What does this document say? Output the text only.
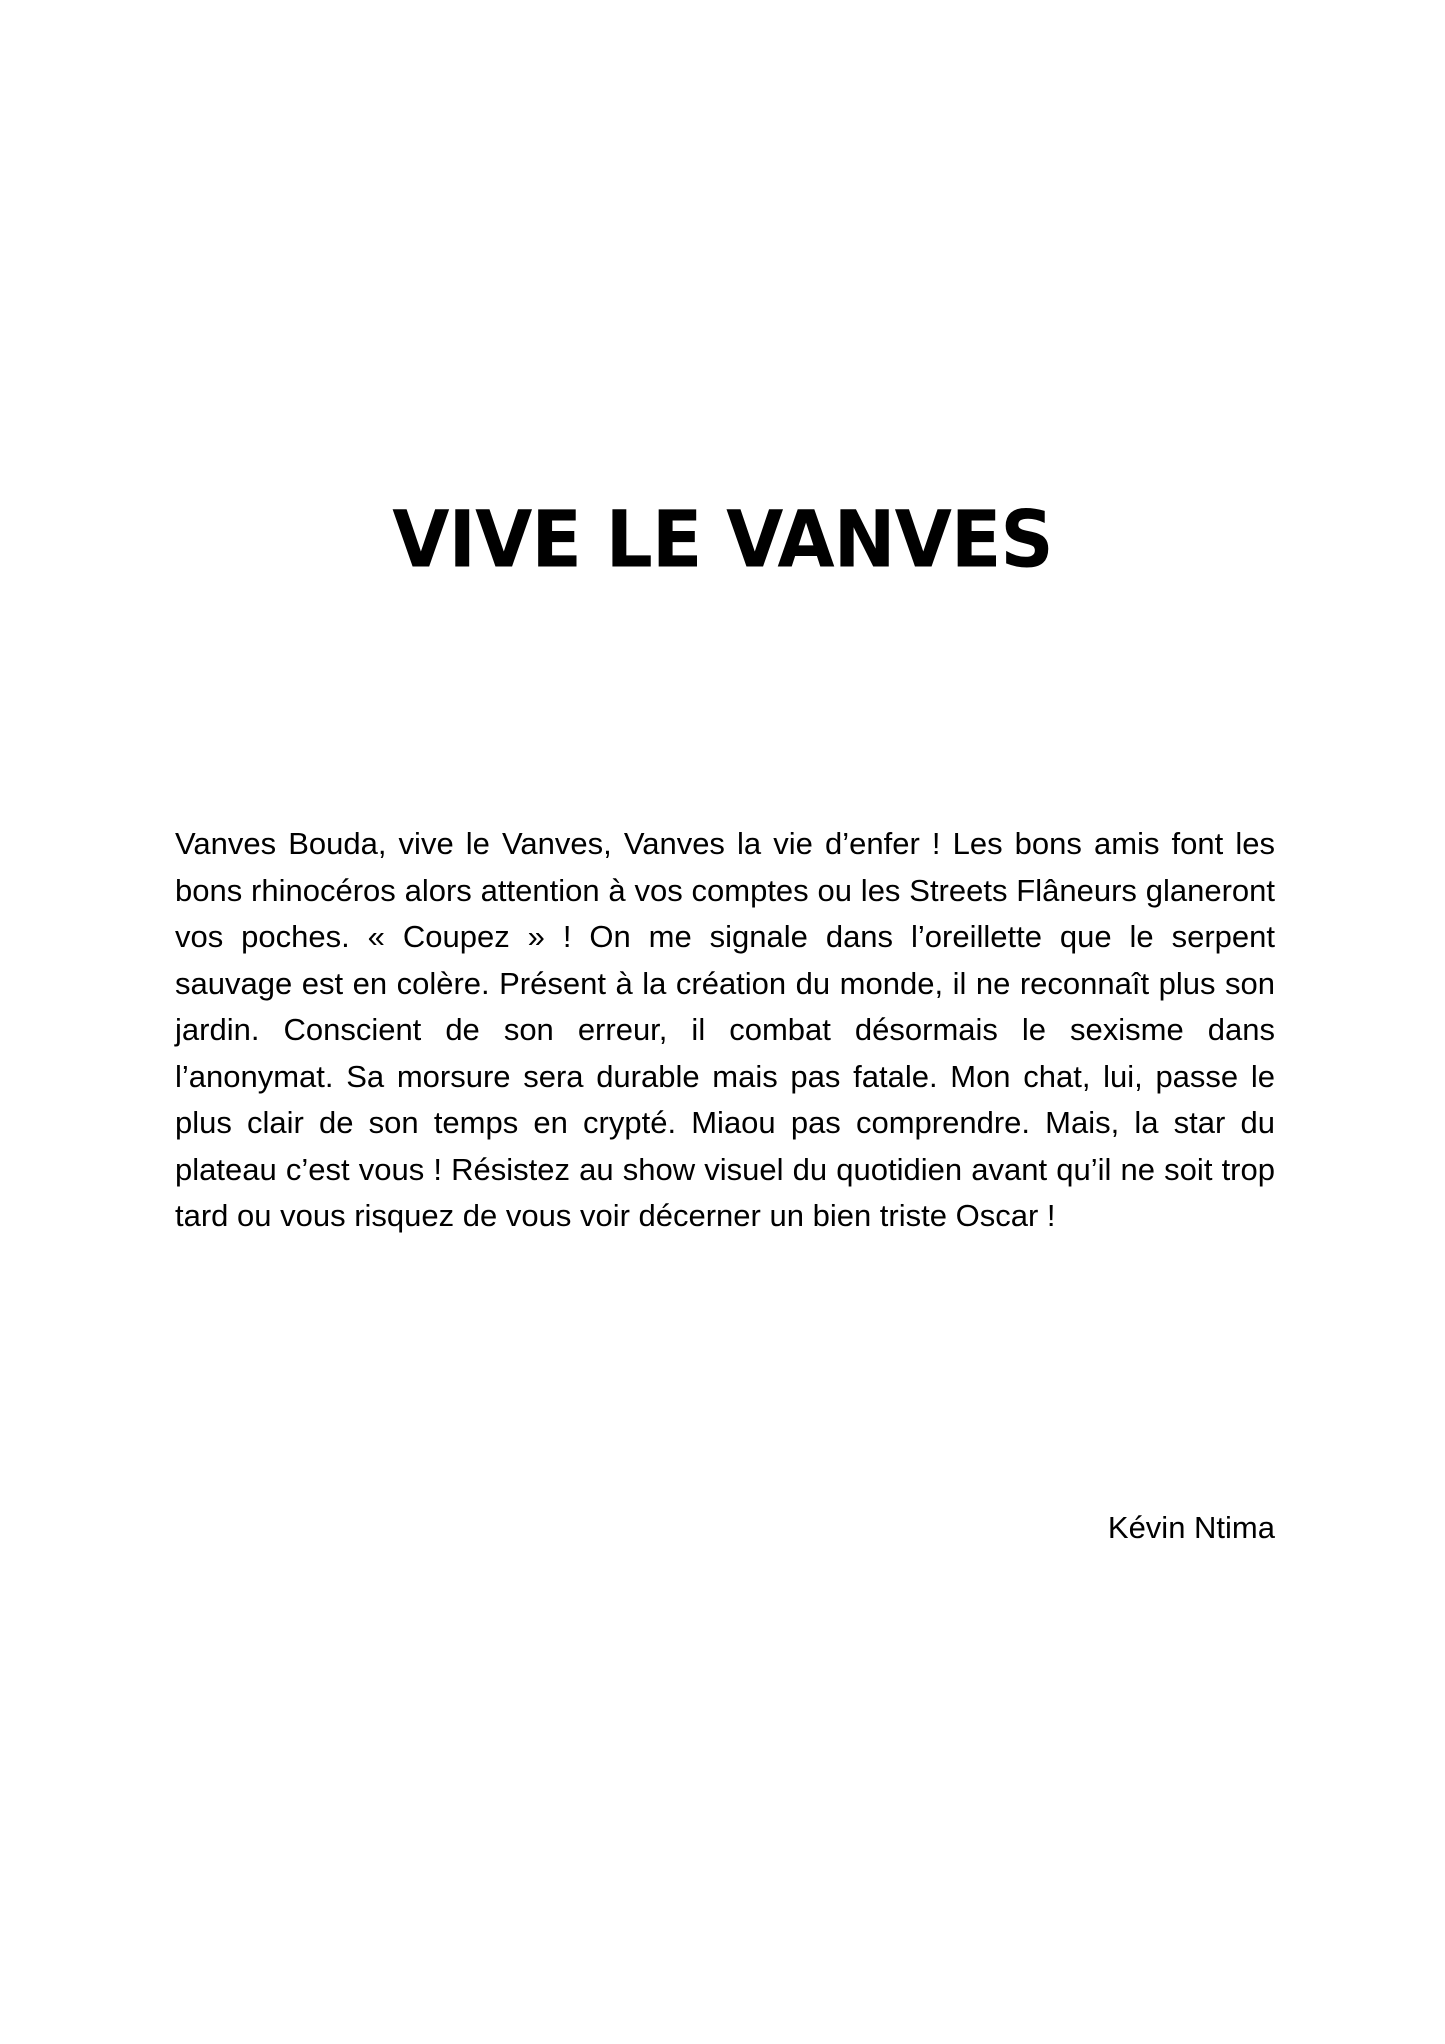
VIVE LE VANVES

Vanves Bouda, vive le Vanves, Vanves la vie d’enfer ! Les bons amis font les bons rhinocéros alors attention à vos comptes ou les Streets Flâneurs glaneront vos poches. « Coupez » ! On me signale dans l’oreillette que le serpent sauvage est en colère. Présent à la création du monde, il ne reconnaît plus son jardin. Conscient de son erreur, il combat désormais le sexisme dans l’anonymat. Sa morsure sera durable mais pas fatale. Mon chat, lui, passe le plus clair de son temps en crypté. Miaou pas comprendre. Mais, la star du plateau c’est vous ! Résistez au show visuel du quotidien avant qu’il ne soit trop tard ou vous risquez de vous voir décerner un bien triste Oscar !

Kévin Ntima
